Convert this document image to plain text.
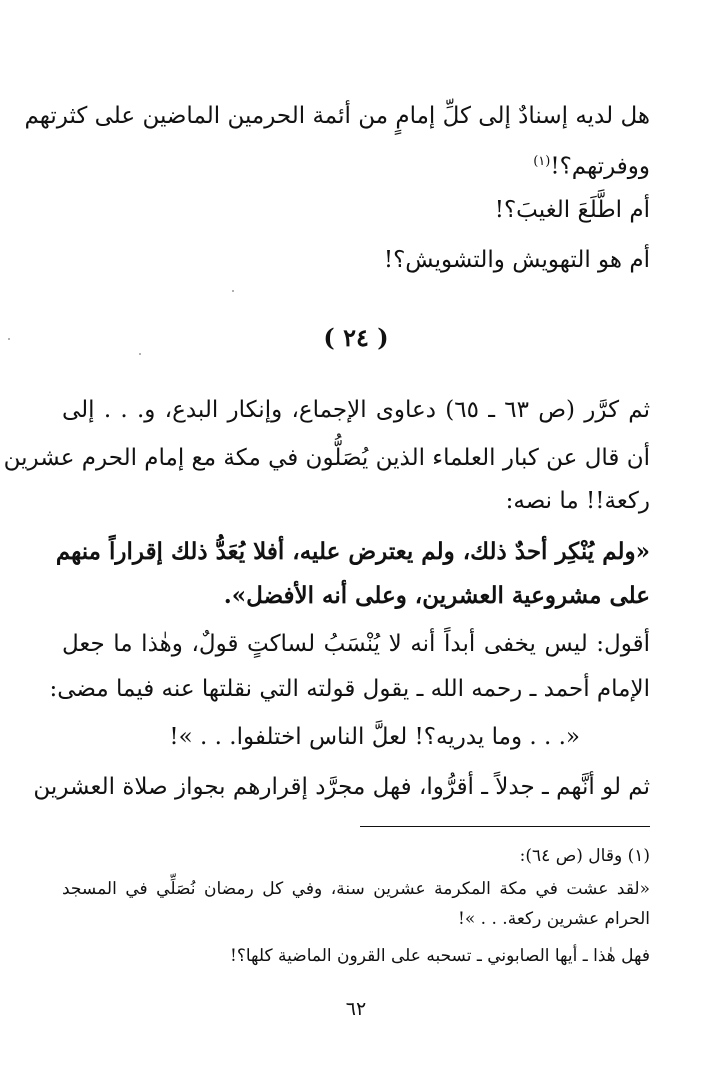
هل لديه إسنادٌ إلى كلِّ إمامٍ من أئمة الحرمين الماضين على كثرتهم
ووفرتهم؟!$^{(١)}$
أم اطَّلَعَ الغيبَ؟!
أم هو التهويش والتشويش؟!
( ٢٤ )
ثم كرَّر (ص ٦٣ ـ ٦٥) دعاوى الإجماع، وإنكار البدع، و. . . إلى
أن قال عن كبار العلماء الذين يُصَلُّون في مكة مع إمام الحرم عشرين
ركعة!! ما نصه:
«ولم يُنْكِر أحدٌ ذلك، ولم يعترض عليه، أفلا يُعَدُّ ذلك إقراراً منهم
على مشروعية العشرين، وعلى أنه الأفضل».
أقول: ليس يخفى أبداً أنه لا يُنْسَبُ لساكتٍ قولٌ، وهٰذا ما جعل
الإمام أحمد ـ رحمه الله ـ يقول قولته التي نقلتها عنه فيما مضى:
«. . . وما يدريه؟! لعلَّ الناس اختلفوا. . . »!
ثم لو أنَّهم ـ جدلاً ـ أقرُّوا، فهل مجرَّد إقرارهم بجواز صلاة العشرين
(١) وقال (ص ٦٤):
«لقد عشت في مكة المكرمة عشرين سنة، وفي كل رمضان نُصَلِّي في المسجد
الحرام عشرين ركعة. . . »!
فهل هٰذا ـ أيها الصابوني ـ تسحبه على القرون الماضية كلها؟!
٦٢
